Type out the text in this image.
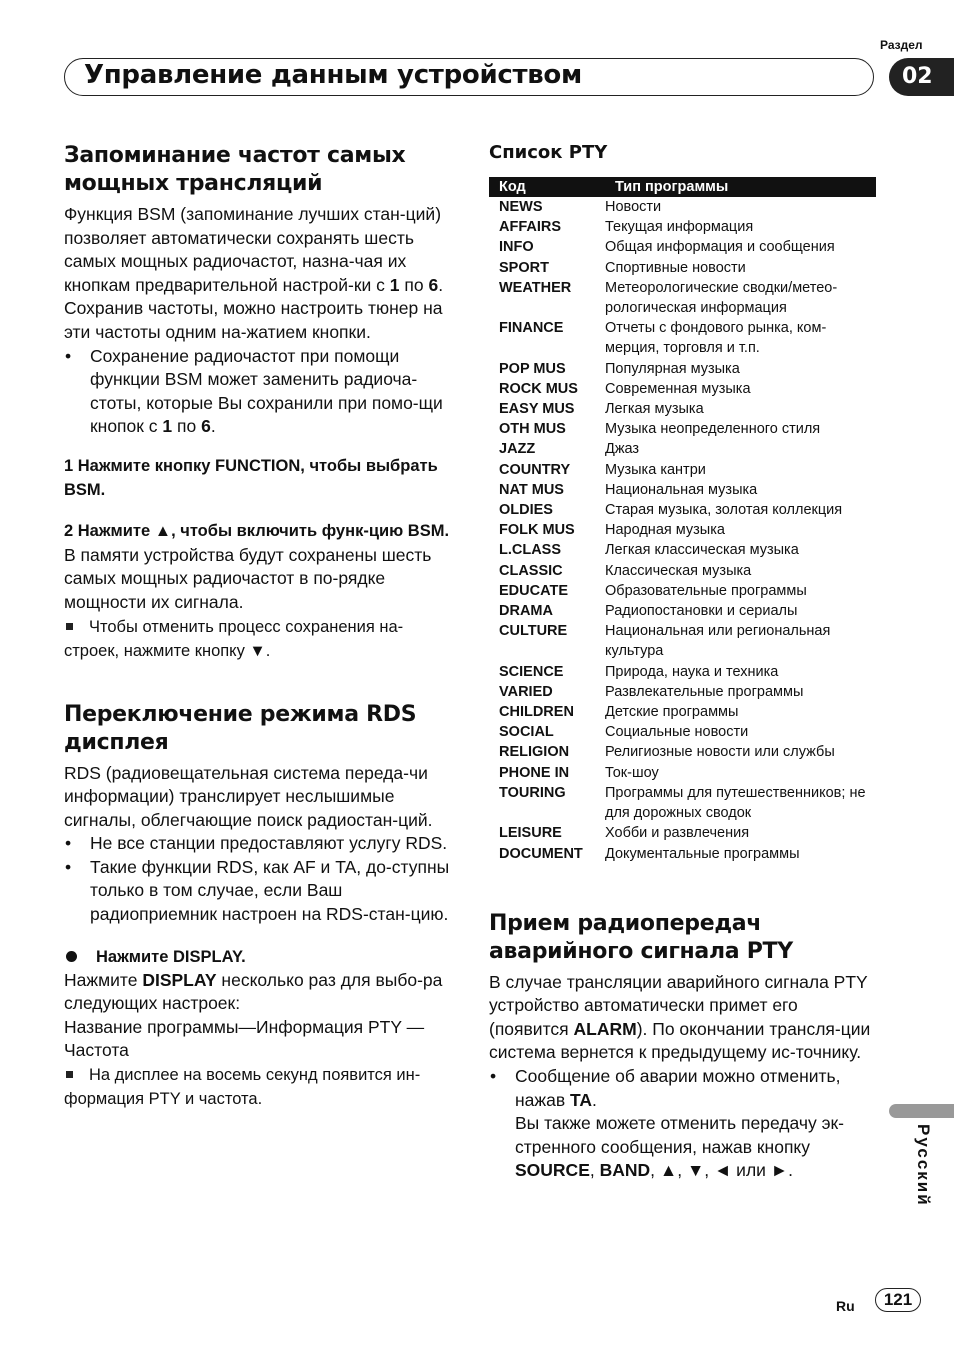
Раздел
Управление данным устройством	02
Запоминание частот самых мощных трансляций

Функция BSM (запоминание лучших стан-ций) позволяет автоматически сохранять шесть самых мощных радиочастот, назна-чая их кнопкам предварительной настрой-ки с 1 по 6. Сохранив частоты, можно настроить тюнер на эти частоты одним на-жатием кнопки.

• Сохранение радиочастот при помощи функции BSM может заменить радиоча-стоты, которые Вы сохранили при помо-щи кнопок с 1 по 6.
1 Нажмите кнопку FUNCTION, чтобы выбрать BSM.
2 Нажмите ▲, чтобы включить функ-цию BSM.

В памяти устройства будут сохранены шесть самых мощных радиочастот в по-рядке мощности их сигнала.

Чтобы отменить процесс сохранения на-строек, нажмите кнопку ▼.
Переключение режима RDS дисплея

RDS (радиовещательная система переда-чи информации) транслирует неслышимые сигналы, облегчающие поиск радиостан-ций.

• Не все станции предоставляют услугу RDS.
• Такие функции RDS, как AF и TA, до-ступны только в том случае, если Ваш радиоприемник настроен на RDS-стан-цию.
Нажмите DISPLAY.

Нажмите DISPLAY несколько раз для выбо-ра следующих настроек:

Название программы—Информация PTY —Частота

На дисплее на восемь секунд появится ин-формация PTY и частота.
Список PTY
Код	Тип программы
NEWS	Новости
AFFAIRS	Текущая информация
INFO	Общая информация и сообщения
SPORT	Спортивные новости
WEATHER	Метеорологические сводки/метео-рологическая информация
FINANCE	Отчеты с фондового рынка, ком-мерция, торговля и т.п.
POP MUS	Популярная музыка
ROCK MUS	Современная музыка
EASY MUS	Легкая музыка
OTH MUS	Музыка неопределенного стиля
JAZZ	Джаз
COUNTRY	Музыка кантри
NAT MUS	Национальная музыка
OLDIES	Старая музыка, золотая коллекция
FOLK MUS	Народная музыка
L.CLASS	Легкая классическая музыка
CLASSIC	Классическая музыка
EDUCATE	Образовательные программы
DRAMA	Радиопостановки и сериалы
CULTURE	Национальная или региональная культура
SCIENCE	Природа, наука и техника
VARIED	Развлекательные программы
CHILDREN	Детские программы
SOCIAL	Социальные новости
RELIGION	Религиозные новости или службы
PHONE IN	Ток-шоу
TOURING	Программы для путешественников; не для дорожных сводок
LEISURE	Хобби и развлечения
DOCUMENT	Документальные программы
Прием радиопередач аварийного сигнала PTY

В случае трансляции аварийного сигнала PTY устройство автоматически примет его (появится ALARM). По окончании трансля-ции система вернется к предыдущему ис-точнику.

• Сообщение об аварии можно отменить, нажав TA.
Вы также можете отменить передачу эк-стренного сообщения, нажав кнопку
SOURCE, BAND, ▲, ▼, ◄ или ►.	Русский
Ru	121
